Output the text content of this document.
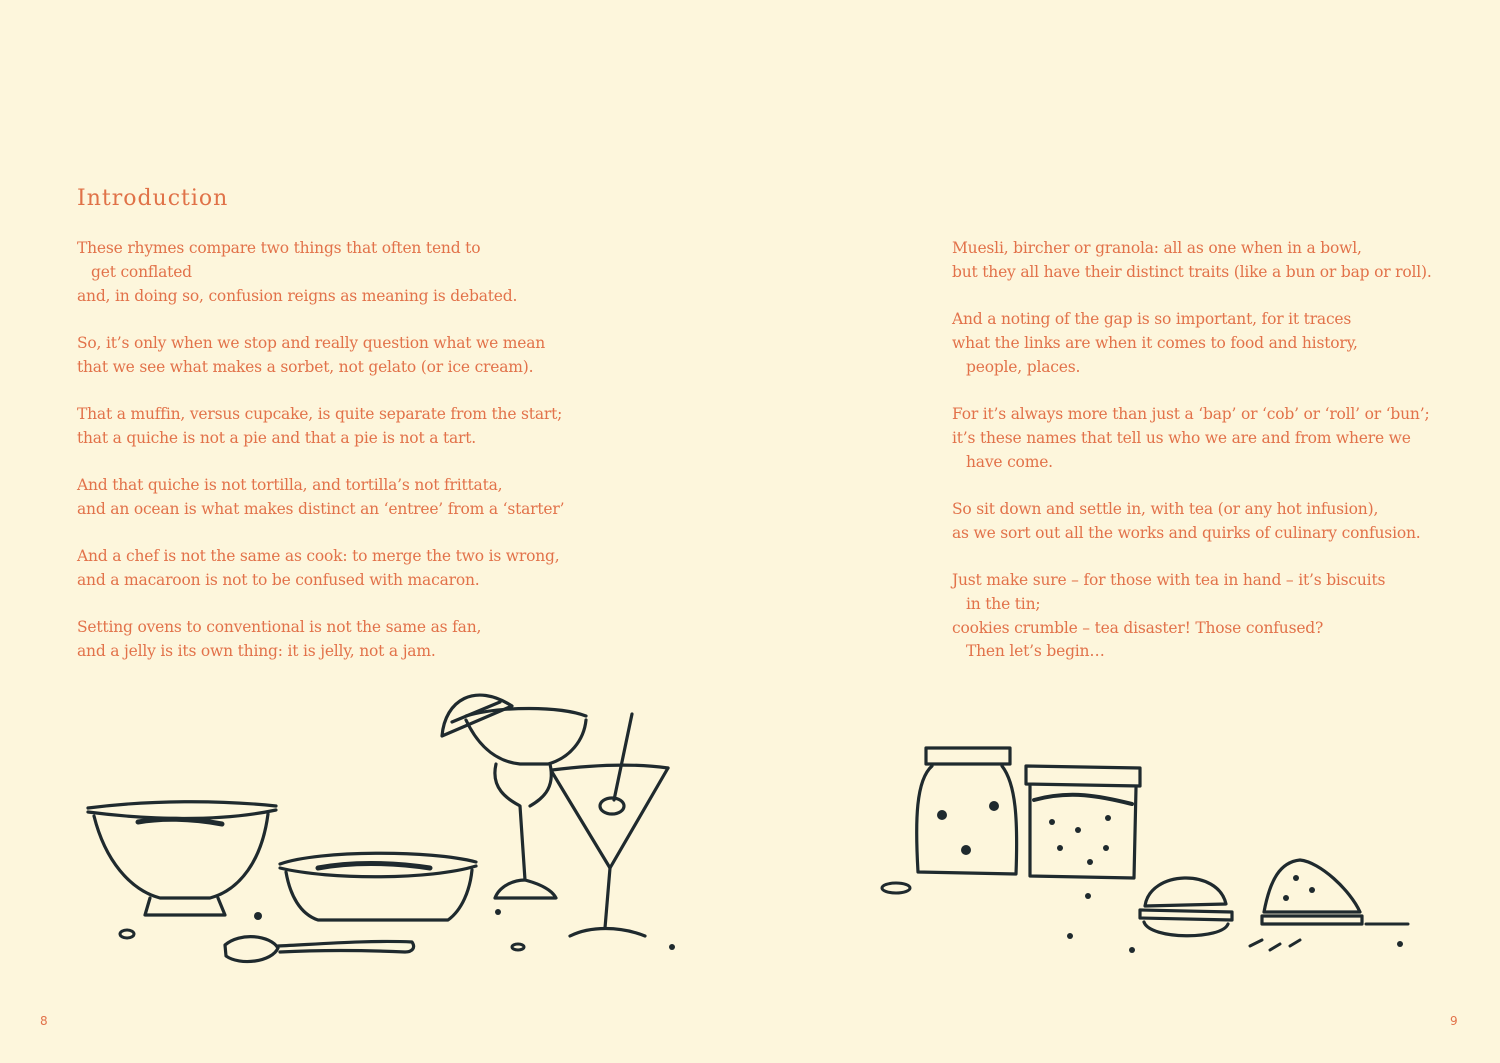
Introduction

These rhymes compare two things that often tend to
get conflated
and, in doing so, confusion reigns as meaning is debated.

So, it’s only when we stop and really question what we mean
that we see what makes a sorbet, not gelato (or ice cream).

That a muffin, versus cupcake, is quite separate from the start;
that a quiche is not a pie and that a pie is not a tart.

And that quiche is not tortilla, and tortilla’s not frittata,
and an ocean is what makes distinct an ‘entree’ from a ‘starter’

And a chef is not the same as cook: to merge the two is wrong,
and a macaroon is not to be confused with macaron.

Setting ovens to conventional is not the same as fan,
and a jelly is its own thing: it is jelly, not a jam.

Muesli, bircher or granola: all as one when in a bowl,
but they all have their distinct traits (like a bun or bap or roll).

And a noting of the gap is so important, for it traces
what the links are when it comes to food and history,
people, places.

For it’s always more than just a ‘bap’ or ‘cob’ or ‘roll’ or ‘bun’;
it’s these names that tell us who we are and from where we
have come.

So sit down and settle in, with tea (or any hot infusion),
as we sort out all the works and quirks of culinary confusion.

Just make sure – for those with tea in hand – it’s biscuits
in the tin;
cookies crumble – tea disaster! Those confused?
Then let’s begin…

8	9
